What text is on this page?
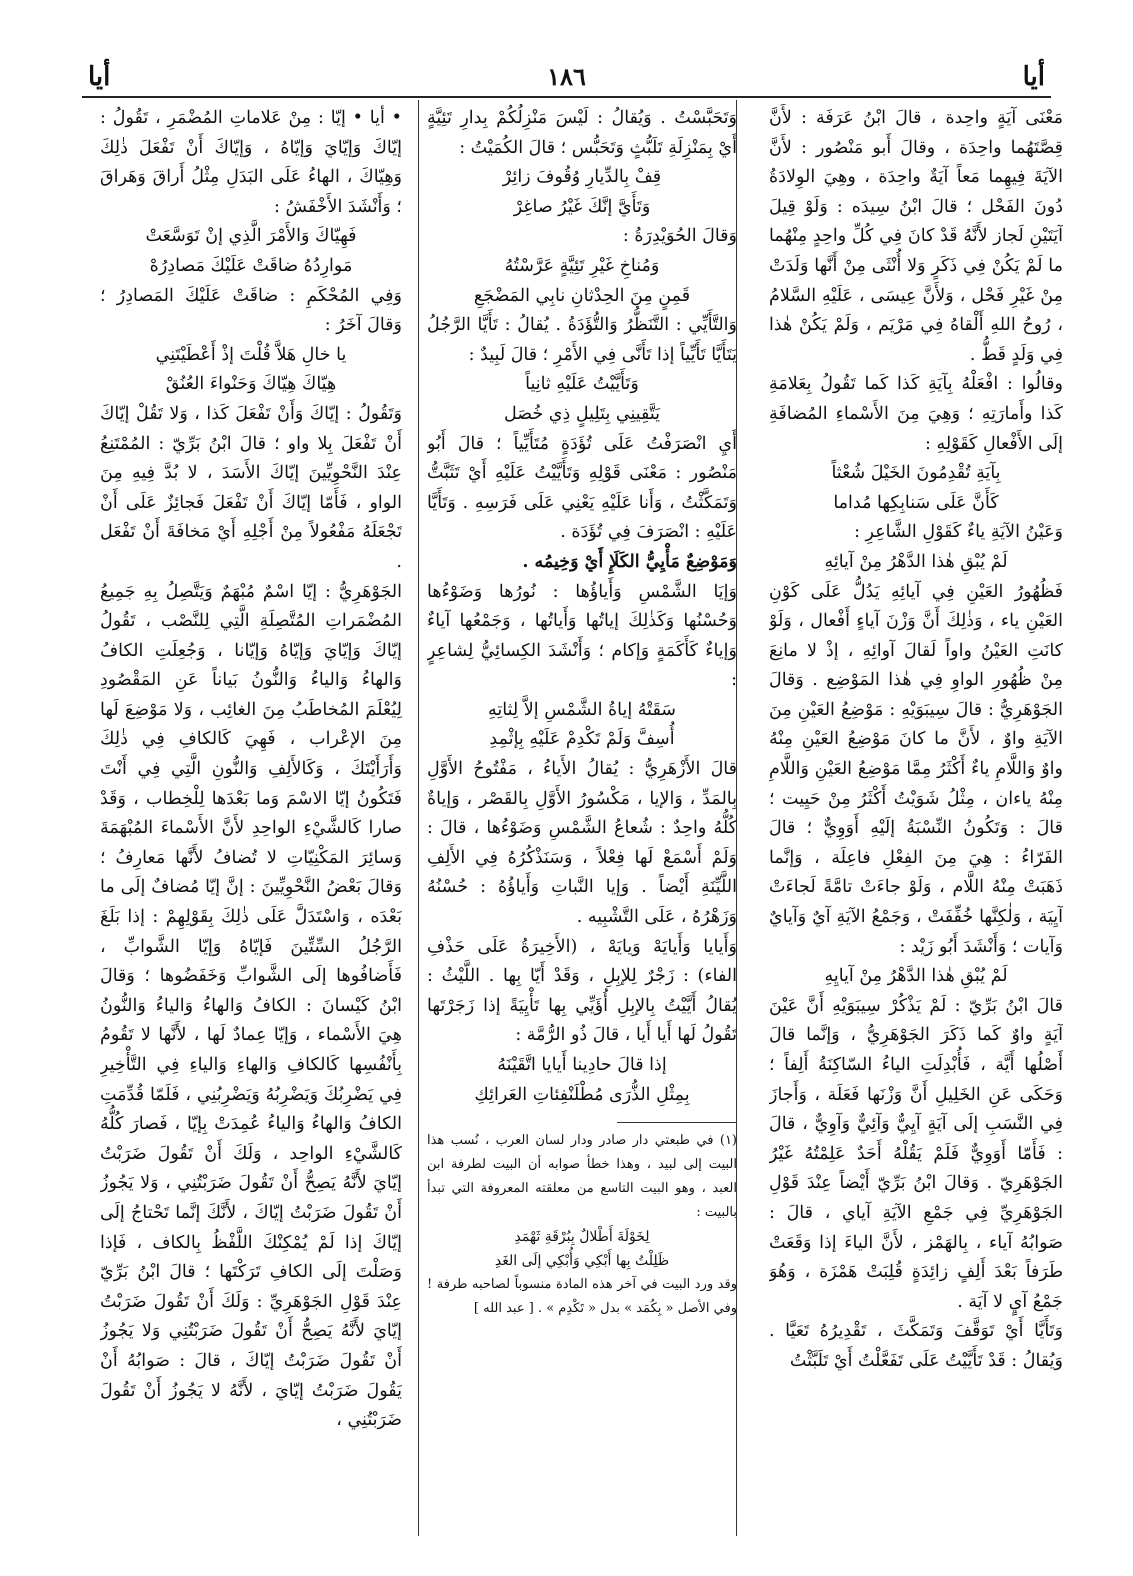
أيا	١٨٦	أيا

مَعْنَى آيَةٍ واحِدة ، قالَ ابْنُ عَرَفَة : لأَنَّ قِصَّتَهُما واحِدَة ، وقالَ أَبو مَنْصُور : لأَنَّ الآيَةَ فِيهِما مَعاً آيَةٌ واحِدَة ، وهِيَ الوِلادَةُ دُونَ الفَحْل ؛ قالَ ابْنُ سِيدَه : وَلَوْ قِيلَ آيَتَيْنِ لَجاز لأَنَّهُ قَدْ كانَ فِي كُلِّ واحِدٍ مِنْهُما ما لَمْ يَكُنْ فِي ذَكَرٍ وَلا أُنْثَى مِنْ أَنَّها وَلَدَتْ مِنْ غَيْرِ فَحْل ، وَلأَنَّ عِيسَى ، عَلَيْهِ السَّلامُ ، رُوحُ اللهِ أَلْقاهُ فِي مَرْيَم ، وَلَمْ يَكُنْ هٰذا فِي وَلَدٍ قَطُّ .

وقالُوا : افْعَلْهُ بِآيَةِ كَذا كَما تَقُولُ بِعَلامَةِ كَذا وأَمارَتِهِ ؛ وَهِيَ مِنَ الأَسْماءِ المُضافَةِ إلَى الأَفْعالِ كَقَوْلِهِ :

بِآيَةِ تُقْدِمُونَ الخَيْلَ شُعْثاً

كَأَنَّ عَلَى سَنابِكِها مُداما

وَعَيْنُ الآيَةِ ياءٌ كَقَوْلِ الشَّاعِرِ :

لَمْ يُبْقِ هٰذا الدَّهْرُ مِنْ آيائِهِ

فَظُهُورُ العَيْنِ فِي آيائِهِ يَدُلُّ عَلَى كَوْنِ العَيْنِ ياء ، وَذٰلِكَ أَنَّ وَزْنَ آياءٍ أَفْعال ، وَلَوْ كانَتِ العَيْنُ واواً لَقالَ آوائِهِ ، إذْ لا مانِعَ مِنْ ظُهُورِ الواوِ فِي هٰذا المَوْضِع . وَقالَ الجَوْهَرِيُّ : قالَ سِيبَوَيْهِ : مَوْضِعُ العَيْنِ مِنَ الآيَةِ واوٌ ، لأَنَّ ما كانَ مَوْضِعُ العَيْنِ مِنْهُ واوٌ وَاللَّامِ ياءٌ أَكْثَرُ مِمَّا مَوْضِعُ العَيْنِ وَاللَّامِ مِنْهُ ياءان ، مِثْلُ شَوَيْتُ أَكْثَرُ مِنْ حَيِيت ؛ قالَ : وَتَكُونُ النِّسْبَةُ إلَيْهِ أَوَوِيٌّ ؛ قالَ الفَرّاءُ : هِيَ مِنَ الفِعْلِ فاعِلَة ، وَإنَّما ذَهَبَتْ مِنْهُ اللَّام ، وَلَوْ جاءَتْ تامَّةً لَجاءَتْ آيِيَة ، وَلٰكِنَّها خُفِّفَتْ ، وَجَمْعُ الآيَةِ آيٌ وَآيايٌ وَآيات ؛ وَأَنْشَدَ أَبُو زَيْد :

لَمْ يُبْقِ هٰذا الدَّهْرُ مِنْ آيايِهِ

قالَ ابْنُ بَرِّيّ : لَمْ يَذْكُرْ سِيبَوَيْهِ أَنَّ عَيْنَ آيَةٍ واوٌ كَما ذَكَرَ الجَوْهَرِيُّ ، وَإنَّما قالَ أَصْلُها أَيَّة ، فَأُبْدِلَتِ الياءُ السّاكِنَةُ أَلِفاً ؛ وَحَكَى عَنِ الخَلِيلِ أَنَّ وَزْنَها فَعَلَة ، وَأَجازَ فِي النَّسَبِ إلَى آيَةٍ آيِيٌّ وَآئِيٌّ وَآوِيٌّ ، قالَ : فَأَمّا أَوَوِيٌّ فَلَمْ يَقُلْهُ أَحَدٌ عَلِمْتُهُ غَيْرُ الجَوْهَرِيّ . وَقالَ ابْنُ بَرِّيّ أَيْضاً عِنْدَ قَوْلِ الجَوْهَرِيِّ فِي جَمْعِ الآيَةِ آياي ، قالَ : صَوابُهُ آياء ، بِالهَمْز ، لأَنَّ الياءَ إذا وَقَعَتْ طَرَفاً بَعْدَ أَلِفٍ زائِدَةٍ قُلِبَتْ هَمْزَة ، وَهُوَ جَمْعُ آيٍ لا آيَة .

وَتَأَيَّا أَيْ تَوَقَّفَ وَتَمَكَّثَ ، تَقْدِيرُهُ تَعَيَّا . وَيُقالُ : قَدْ تَأَيَّيْتُ عَلَى تَفَعَّلْتُ أَيْ تَلَبَّثْتُ

وَتَحَبَّسْتُ . وَيُقالُ : لَيْسَ مَنْزِلُكُمْ بِدارِ تَئِيَّةٍ أَيْ بِمَنْزِلَةِ تَلَبُّثٍ وَتَحَبُّس ؛ قالَ الكُمَيْتُ :

قِفْ بِالدِّيارِ وُقُوفَ زائِرْ

وَتَأَيَّ إنَّكَ غَيْرُ صاغِرْ

وَقالَ الحُوَيْدِرَةُ :

وَمُناخِ غَيْرِ تَئِيَّةٍ عَرَّسْتُهُ

قَمِنٍ مِنَ الحِدْثانِ نابِي المَضْجَعِ

وَالتَّأَيِّي : التَّنَظُّرُ وَالتُّؤَدَةُ . يُقالُ : تَأَيَّا الرَّجُلُ يَتَأَيَّا تَأَيِّياً إذا تَأَنَّى فِي الأَمْرِ ؛ قالَ لَبِيدٌ :

وَتَأَيَّيْتُ عَلَيْهِ ثانِياً

يَتَّقِينِي بِتَلِيلٍ ذِي خُصَل

أَيِ انْصَرَفْتُ عَلَى تُؤَدَةٍ مُتَأَيِّياً ؛ قالَ أَبُو مَنْصُور : مَعْنَى قَوْلِهِ وَتَأَيَّيْتُ عَلَيْهِ أَيْ تَثَبَّتُّ وَتَمَكَّثْتُ ، وَأَنا عَلَيْهِ يَعْنِي عَلَى فَرَسِهِ . وَتَأَيَّا عَلَيْهِ : انْصَرَفَ فِي تُؤَدَة .

وَمَوْضِعٌ مَأْيِيُّ الكَلَإِ أَيْ وَخِيمُه .

وَإيَا الشَّمْسِ وَأَياؤُها : نُورُها وَضَوْءُها وَحُسْنُها وَكَذٰلِكَ إياتُها وَأَياتُها ، وَجَمْعُها آياءٌ وَإياءٌ كَأَكَمَةٍ وَإكام ؛ وَأَنْشَدَ الكِسائِيُّ لِشاعِرٍ :

سَقَتْهُ إياةُ الشَّمْسِ إلاَّ لِثاتِهِ

أُسِفَّ وَلَمْ تَكْدِمْ عَلَيْهِ بِإثْمِدِ

قالَ الأَزْهَرِيُّ : يُقالُ الأَياءُ ، مَفْتُوحُ الأَوَّلِ بِالمَدِّ ، وَالإيا ، مَكْسُورُ الأَوَّلِ بِالقَصْر ، وَإياةٌ كُلُّهُ واحِدٌ : شُعاعُ الشَّمْسِ وَضَوْءُها ، قالَ : وَلَمْ أَسْمَعْ لَها فِعْلاً ، وَسَنَذْكُرُهُ فِي الأَلِفِ اللَّيِّنَةِ أَيْضاً . وَإيا النَّباتِ وَأَياؤُهُ : حُسْنُهُ وَزَهْرُهُ ، عَلَى التَّشْبِيه .

وَأَيايا وَأَيايَهْ وَيايَهْ ، (الأَخِيرَةُ عَلَى حَذْفِ الفاء) : زَجْرٌ لِلإبِلِ ، وَقَدْ أَيّا بِها . اللَّيْثُ : يُقالُ أَيَّيْتُ بِالإبِلِ أُؤَيِّي بِها تَأْيِيَةً إذا زَجَرْتَها تَقُولُ لَها أَيا أَيا ، قالَ ذُو الرُّمَّة :

إذا قالَ حادِينا أَيايا اتَّقَيْنَهُ

بِمِثْلِ الذُّرَى مُطْلَنْفِئاتِ العَرائِكِ

(١) في طبعتي دار صادر ودار لسان العرب ، نُسب هذا البيت إلى لبيد ، وهذا خطأ صوابه أن البيت لطرفة ابن العبد ، وهو البيت التاسع من معلقته المعروفة التي تبدأ بالبيت :

لِخَوْلَةَ أَطْلالٌ بِبُرْقَةِ ثَهْمَدِ

ظَلِلْتُ بِها أَبْكِي وَأُبْكِي إلَى الغَدِ

وقد ورد البيت في آخر هذه المادة منسوباً لصاحبه طرفة ! وفي الأصل « بِكُمَد » بدل « تَكْدِم » . [ عبد الله ]

• أيا • إيّا : مِنْ عَلاماتِ المُضْمَرِ ، تَقُولُ : إيّاكَ وَإيّايَ وَإيّاهُ ، وَإيّاكَ أَنْ تَفْعَلَ ذٰلِكَ وَهِيّاكَ ، الهاءُ عَلَى البَدَلِ مِثْلُ أَراقَ وَهَراقَ ؛ وَأَنْشَدَ الأَخْفَشُ :

فَهِيّاكَ وَالأَمْرَ الَّذِي إنْ تَوَسَّعَتْ

مَوارِدُهُ ضاقَتْ عَلَيْكَ مَصادِرُهْ

وَفِي المُحْكَمِ : ضاقَتْ عَلَيْكَ المَصادِرُ ؛ وَقالَ آخَرُ :

يا خالِ هَلاَّ قُلْتَ إذْ أَعْطَيْتَنِي

هِيّاكَ هِيّاكَ وَحَنْواءَ العُنُقْ

وَتَقُولُ : إيّاكَ وَأَنْ تَفْعَلَ كَذا ، وَلا تَقُلْ إيّاكَ أَنْ تَفْعَلَ بِلا واو ؛ قالَ ابْنُ بَرِّيّ : المُمْتَنِعُ عِنْدَ النَّحْوِيِّينَ إيّاكَ الأَسَدَ ، لا بُدَّ فِيهِ مِنَ الواو ، فَأَمّا إيّاكَ أَنْ تَفْعَلَ فَجائِزٌ عَلَى أَنْ تَجْعَلَهُ مَفْعُولاً مِنْ أَجْلِهِ أَيْ مَخافَةَ أَنْ تَفْعَل .

الجَوْهَرِيُّ : إيّا اسْمٌ مُبْهَمٌ وَيَتَّصِلُ بِهِ جَمِيعُ المُضْمَراتِ المُتَّصِلَةِ الَّتِي لِلنَّصْب ، تَقُولُ إيّاكَ وَإيّايَ وَإيّاهُ وَإيّانا ، وَجُعِلَتِ الكافُ وَالهاءُ وَالياءُ وَالنُّونُ بَياناً عَنِ المَقْصُودِ لِيُعْلَمَ المُخاطَبُ مِنَ الغائِب ، وَلا مَوْضِعَ لَها مِنَ الإعْراب ، فَهِيَ كَالكافِ فِي ذٰلِكَ وَأَرَأَيْتَكَ ، وَكَالأَلِفِ وَالنُّونِ الَّتِي فِي أَنْتَ فَتَكُونُ إيّا الاسْمَ وَما بَعْدَها لِلْخِطاب ، وَقَدْ صارا كَالشَّيْءِ الواحِدِ لأَنَّ الأَسْماءَ المُبْهَمَةَ وَسائِرَ المَكْنِيّاتِ لا تُضافُ لأَنَّها مَعارِفُ ؛ وَقالَ بَعْضُ النَّحْوِيِّينَ : إنَّ إيّا مُضافٌ إلَى ما بَعْدَه ، وَاسْتَدَلَّ عَلَى ذٰلِكَ بِقَوْلِهِمْ : إذا بَلَغَ الرَّجُلُ السِّتِّينَ فَإيّاهُ وَإيّا الشَّوابِّ ، فَأَضافُوها إلَى الشَّوابِّ وَخَفَضُوها ؛ وَقالَ ابْنُ كَيْسانَ : الكافُ وَالهاءُ وَالياءُ وَالنُّونُ هِيَ الأَسْماء ، وَإيّا عِمادٌ لَها ، لأَنَّها لا تَقُومُ بِأَنْفُسِها كَالكافِ وَالهاءِ وَالياءِ فِي التَّأْخِيرِ فِي يَضْرِبُكَ وَيَضْرِبُهُ وَيَضْرِبُنِي ، فَلَمّا قُدِّمَتِ الكافُ وَالهاءُ وَالياءُ عُمِدَتْ بِإيّا ، فَصارَ كُلُّهُ كَالشَّيْءِ الواحِد ، وَلَكَ أَنْ تَقُولَ ضَرَبْتُ إيّايَ لأَنَّهُ يَصِحُّ أَنْ تَقُولَ ضَرَبْتُنِي ، وَلا يَجُوزُ أَنْ تَقُولَ ضَرَبْتُ إيّاكَ ، لأَنَّكَ إنَّما تَحْتاجُ إلَى إيّاكَ إذا لَمْ يُمْكِنْكَ اللَّفْظُ بِالكاف ، فَإذا وَصَلْتَ إلَى الكافِ تَرَكْتَها ؛ قالَ ابْنُ بَرِّيّ عِنْدَ قَوْلِ الجَوْهَرِيِّ : وَلَكَ أَنْ تَقُولَ ضَرَبْتُ إيّايَ لأَنَّهُ يَصِحُّ أَنْ تَقُولَ ضَرَبْتُنِي وَلا يَجُوزُ أَنْ تَقُولَ ضَرَبْتُ إيّاكَ ، قالَ : صَوابُهُ أَنْ يَقُولَ ضَرَبْتُ إيّايَ ، لأَنَّهُ لا يَجُوزُ أَنْ تَقُولَ ضَرَبْتُنِي ،
